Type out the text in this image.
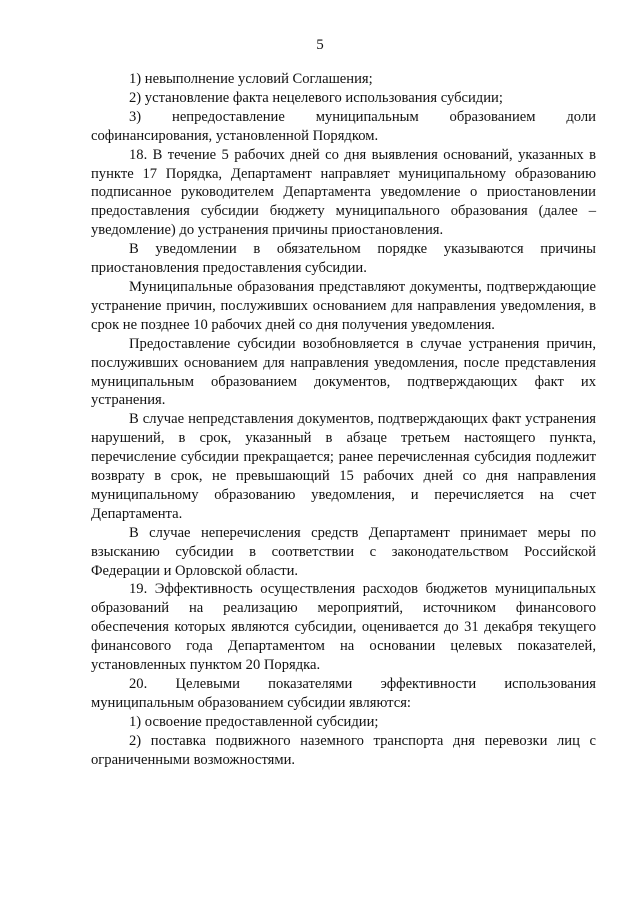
5

1) невыполнение условий Соглашения;

2) установление факта нецелевого использования субсидии;

3) непредоставление муниципальным образованием доли софинансирования, установленной Порядком.

18. В течение 5 рабочих дней со дня выявления оснований, указанных в пункте 17 Порядка, Департамент направляет муниципальному образованию подписанное руководителем Департамента уведомление о приостановлении предоставления субсидии бюджету муниципального образования (далее – уведомление) до устранения причины приостановления.

В уведомлении в обязательном порядке указываются причины приостановления предоставления субсидии.

Муниципальные образования представляют документы, подтверждающие устранение причин, послуживших основанием для направления уведомления, в срок не позднее 10 рабочих дней со дня получения уведомления.

Предоставление субсидии возобновляется в случае устранения причин, послуживших основанием для направления уведомления, после представления муниципальным образованием документов, подтверждающих факт их устранения.

В случае непредставления документов, подтверждающих факт устранения нарушений, в срок, указанный в абзаце третьем настоящего пункта, перечисление субсидии прекращается; ранее перечисленная субсидия подлежит возврату в срок, не превышающий 15 рабочих дней со дня направления муниципальному образованию уведомления, и перечисляется на счет Департамента.

В случае неперечисления средств Департамент принимает меры по взысканию субсидии в соответствии с законодательством Российской Федерации и Орловской области.

19. Эффективность осуществления расходов бюджетов муниципальных образований на реализацию мероприятий, источником финансового обеспечения которых являются субсидии, оценивается до 31 декабря текущего финансового года Департаментом на основании целевых показателей, установленных пунктом 20 Порядка.

20. Целевыми показателями эффективности использования муниципальным образованием субсидии являются:

1) освоение предоставленной субсидии;

2) поставка подвижного наземного транспорта дня перевозки лиц с ограниченными возможностями.
